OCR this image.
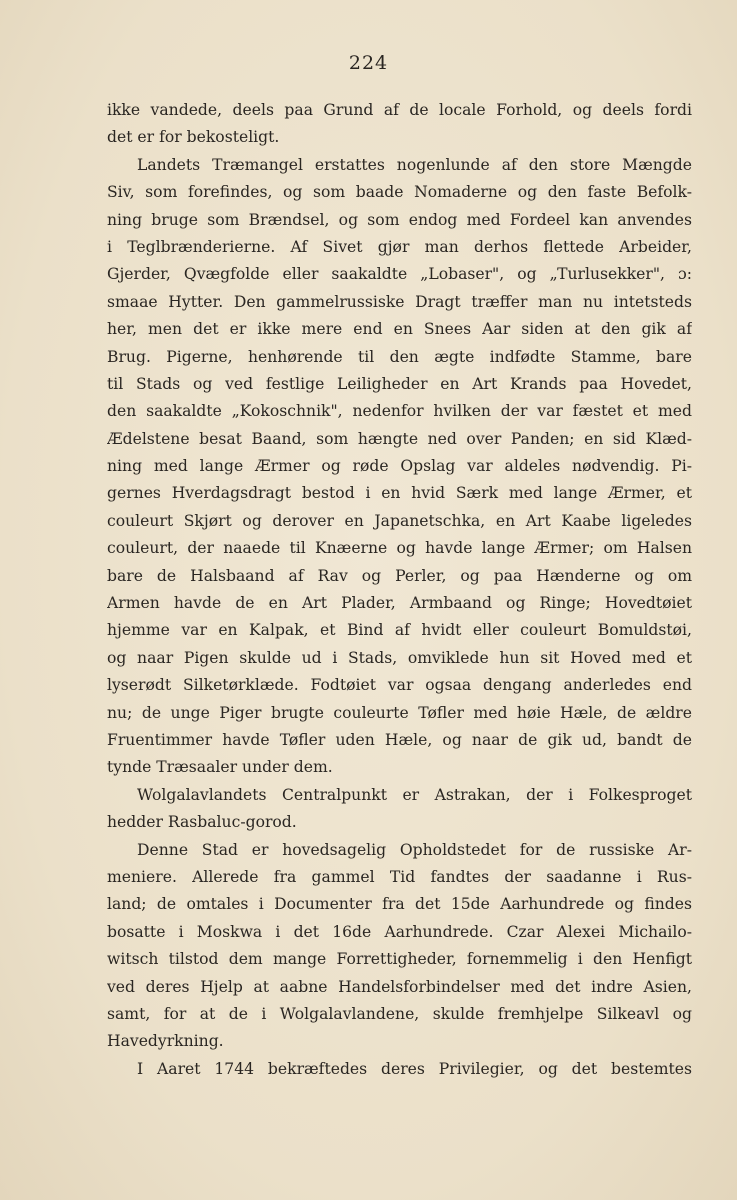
224
ikke vandede, deels paa Grund af de locale Forhold, og deels fordi
det er for bekosteligt.
Landets Træmangel erstattes nogenlunde af den store Mængde
Siv, som forefindes, og som baade Nomaderne og den faste Befolk-
ning bruge som Brændsel, og som endog med Fordeel kan anvendes
i Teglbrænderierne. Af Sivet gjør man derhos flettede Arbeider,
Gjerder, Qvægfolde eller saakaldte „Lobaser", og „Turlusekker", ɔ:
smaae Hytter. Den gammelrussiske Dragt træffer man nu intetsteds
her, men det er ikke mere end en Snees Aar siden at den gik af
Brug. Pigerne, henhørende til den ægte indfødte Stamme, bare
til Stads og ved festlige Leiligheder en Art Krands paa Hovedet,
den saakaldte „Kokoschnik", nedenfor hvilken der var fæstet et med
Ædelstene besat Baand, som hængte ned over Panden; en sid Klæd-
ning med lange Ærmer og røde Opslag var aldeles nødvendig. Pi-
gernes Hverdagsdragt bestod i en hvid Særk med lange Ærmer, et
couleurt Skjørt og derover en Japanetschka, en Art Kaabe ligeledes
couleurt, der naaede til Knæerne og havde lange Ærmer; om Halsen
bare de Halsbaand af Rav og Perler, og paa Hænderne og om
Armen havde de en Art Plader, Armbaand og Ringe; Hovedtøiet
hjemme var en Kalpak, et Bind af hvidt eller couleurt Bomuldstøi,
og naar Pigen skulde ud i Stads, omviklede hun sit Hoved med et
lyserødt Silketørklæde. Fodtøiet var ogsaa dengang anderledes end
nu; de unge Piger brugte couleurte Tøfler med høie Hæle, de ældre
Fruentimmer havde Tøfler uden Hæle, og naar de gik ud, bandt de
tynde Træsaaler under dem.
Wolgalavlandets Centralpunkt er Astrakan, der i Folkesproget
hedder Rasbaluc-gorod.
Denne Stad er hovedsagelig Opholdstedet for de russiske Ar-
meniere. Allerede fra gammel Tid fandtes der saadanne i Rus-
land; de omtales i Documenter fra det 15de Aarhundrede og findes
bosatte i Moskwa i det 16de Aarhundrede. Czar Alexei Michailo-
witsch tilstod dem mange Forrettigheder, fornemmelig i den Henfigt
ved deres Hjelp at aabne Handelsforbindelser med det indre Asien,
samt, for at de i Wolgalavlandene, skulde fremhjelpe Silkeavl og
Havedyrkning.
I Aaret 1744 bekræftedes deres Privilegier, og det bestemtes
